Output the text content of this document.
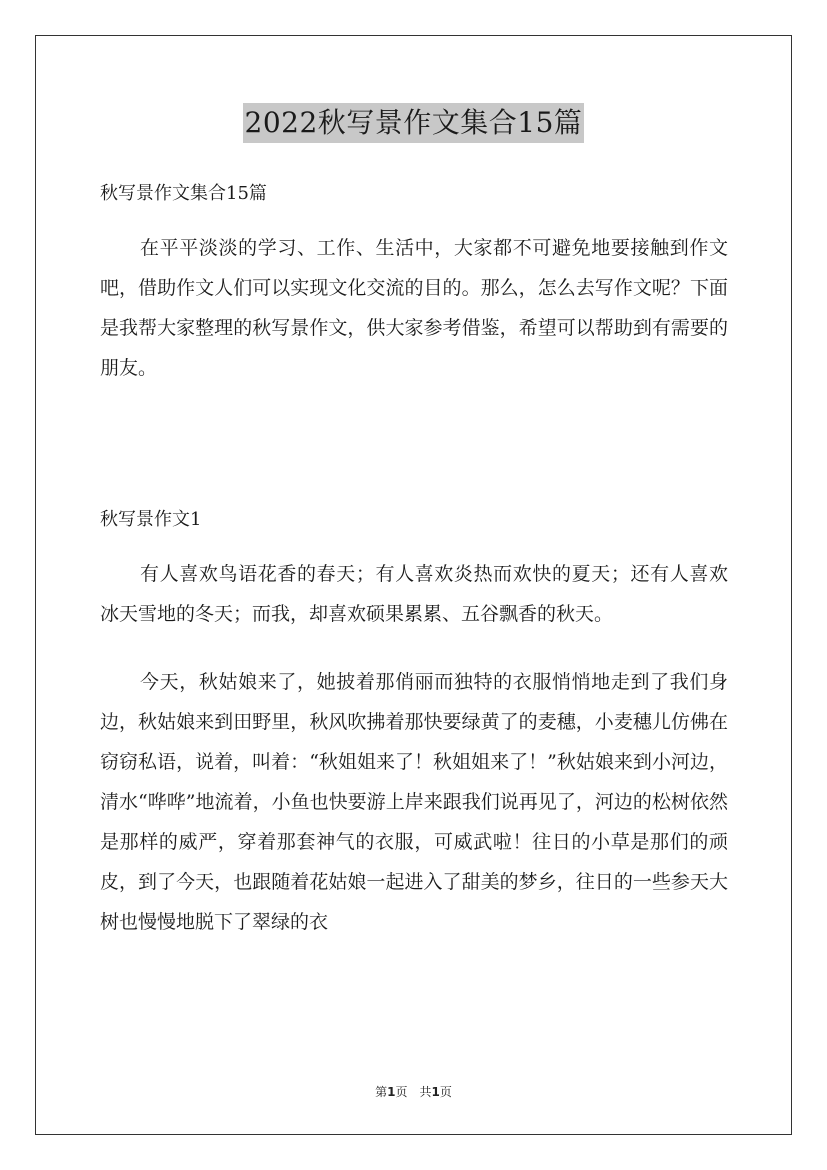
2022秋写景作文集合15篇
秋写景作文集合15篇

在平平淡淡的学习、工作、生活中，大家都不可避免地要接触到作文吧，借助作文人们可以实现文化交流的目的。那么，怎么去写作文呢？下面是我帮大家整理的秋写景作文，供大家参考借鉴，希望可以帮助到有需要的朋友。

秋写景作文1

有人喜欢鸟语花香的春天；有人喜欢炎热而欢快的夏天；还有人喜欢冰天雪地的冬天；而我，却喜欢硕果累累、五谷飘香的秋天。

今天，秋姑娘来了，她披着那俏丽而独特的衣服悄悄地走到了我们身边，秋姑娘来到田野里，秋风吹拂着那快要绿黄了的麦穗，小麦穗儿仿佛在窃窃私语，说着，叫着：“秋姐姐来了！秋姐姐来了！”秋姑娘来到小河边，清水“哗哗”地流着，小鱼也快要游上岸来跟我们说再见了，河边的松树依然是那样的威严，穿着那套神气的衣服，可威武啦！往日的小草是那们的顽皮，到了今天，也跟随着花姑娘一起进入了甜美的梦乡，往日的一些参天大树也慢慢地脱下了翠绿的衣

第1页　共1页
